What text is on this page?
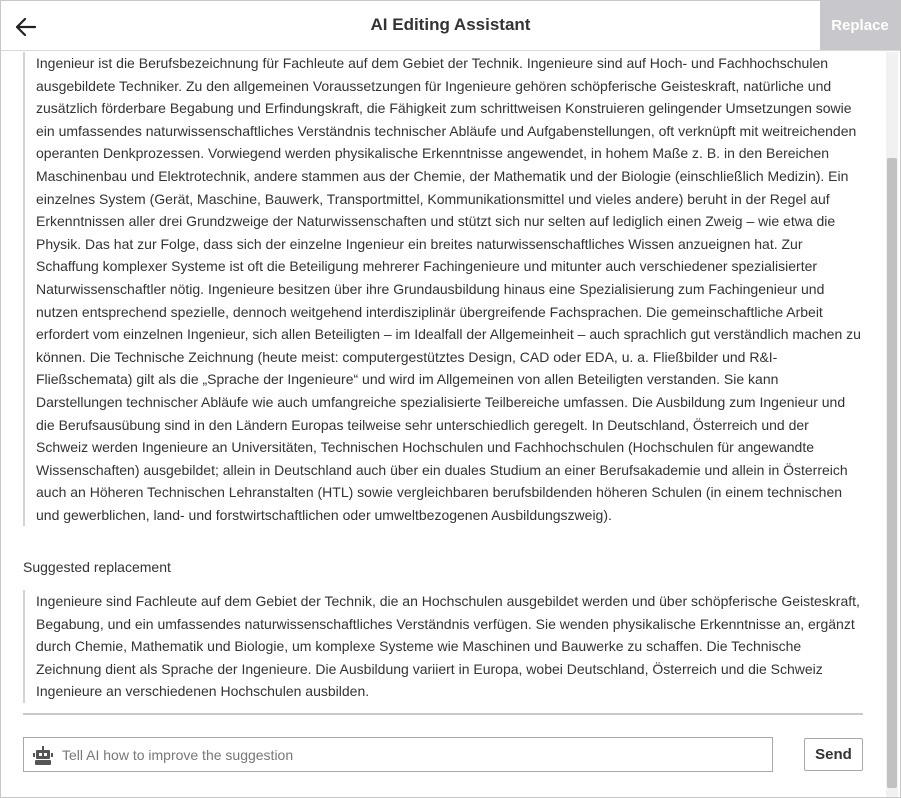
AI Editing Assistant	Replace
Ingenieur ist die Berufsbezeichnung für Fachleute auf dem Gebiet der Technik. Ingenieure sind auf Hoch- und Fachhochschulen ausgebildete Techniker. Zu den allgemeinen Voraussetzungen für Ingenieure gehören schöpferische Geisteskraft, natürliche und zusätzlich förderbare Begabung und Erfindungskraft, die Fähigkeit zum schrittweisen Konstruieren gelingender Umsetzungen sowie ein umfassendes naturwissenschaftliches Verständnis technischer Abläufe und Aufgabenstellungen, oft verknüpft mit weitreichenden operanten Denkprozessen. Vorwiegend werden physikalische Erkenntnisse angewendet, in hohem Maße z. B. in den Bereichen Maschinenbau und Elektrotechnik, andere stammen aus der Chemie, der Mathematik und der Biologie (einschließlich Medizin). Ein einzelnes System (Gerät, Maschine, Bauwerk, Transportmittel, Kommunikationsmittel und vieles andere) beruht in der Regel auf Erkenntnissen aller drei Grundzweige der Naturwissenschaften und stützt sich nur selten auf lediglich einen Zweig – wie etwa die Physik. Das hat zur Folge, dass sich der einzelne Ingenieur ein breites naturwissenschaftliches Wissen anzueignen hat. Zur Schaffung komplexer Systeme ist oft die Beteiligung mehrerer Fachingenieure und mitunter auch verschiedener spezialisierter Naturwissenschaftler nötig. Ingenieure besitzen über ihre Grundausbildung hinaus eine Spezialisierung zum Fachingenieur und nutzen entsprechend spezielle, dennoch weitgehend interdisziplinär übergreifende Fachsprachen. Die gemeinschaftliche Arbeit erfordert vom einzelnen Ingenieur, sich allen Beteiligten – im Idealfall der Allgemeinheit – auch sprachlich gut verständlich machen zu können. Die Technische Zeichnung (heute meist: computergestütztes Design, CAD oder EDA, u. a. Fließbilder und R&I-Fließschemata) gilt als die „Sprache der Ingenieure“ und wird im Allgemeinen von allen Beteiligten verstanden. Sie kann Darstellungen technischer Abläufe wie auch umfangreiche spezialisierte Teilbereiche umfassen. Die Ausbildung zum Ingenieur und die Berufsausübung sind in den Ländern Europas teilweise sehr unterschiedlich geregelt. In Deutschland, Österreich und der Schweiz werden Ingenieure an Universitäten, Technischen Hochschulen und Fachhochschulen (Hochschulen für angewandte Wissenschaften) ausgebildet; allein in Deutschland auch über ein duales Studium an einer Berufsakademie und allein in Österreich auch an Höheren Technischen Lehranstalten (HTL) sowie vergleichbaren berufsbildenden höheren Schulen (in einem technischen und gewerblichen, land- und forstwirtschaftlichen oder umweltbezogenen Ausbildungszweig).
Suggested replacement
Ingenieure sind Fachleute auf dem Gebiet der Technik, die an Hochschulen ausgebildet werden und über schöpferische Geisteskraft, Begabung, und ein umfassendes naturwissenschaftliches Verständnis verfügen. Sie wenden physikalische Erkenntnisse an, ergänzt durch Chemie, Mathematik und Biologie, um komplexe Systeme wie Maschinen und Bauwerke zu schaffen. Die Technische Zeichnung dient als Sprache der Ingenieure. Die Ausbildung variiert in Europa, wobei Deutschland, Österreich und die Schweiz Ingenieure an verschiedenen Hochschulen ausbilden.
Tell AI how to improve the suggestion
Send
